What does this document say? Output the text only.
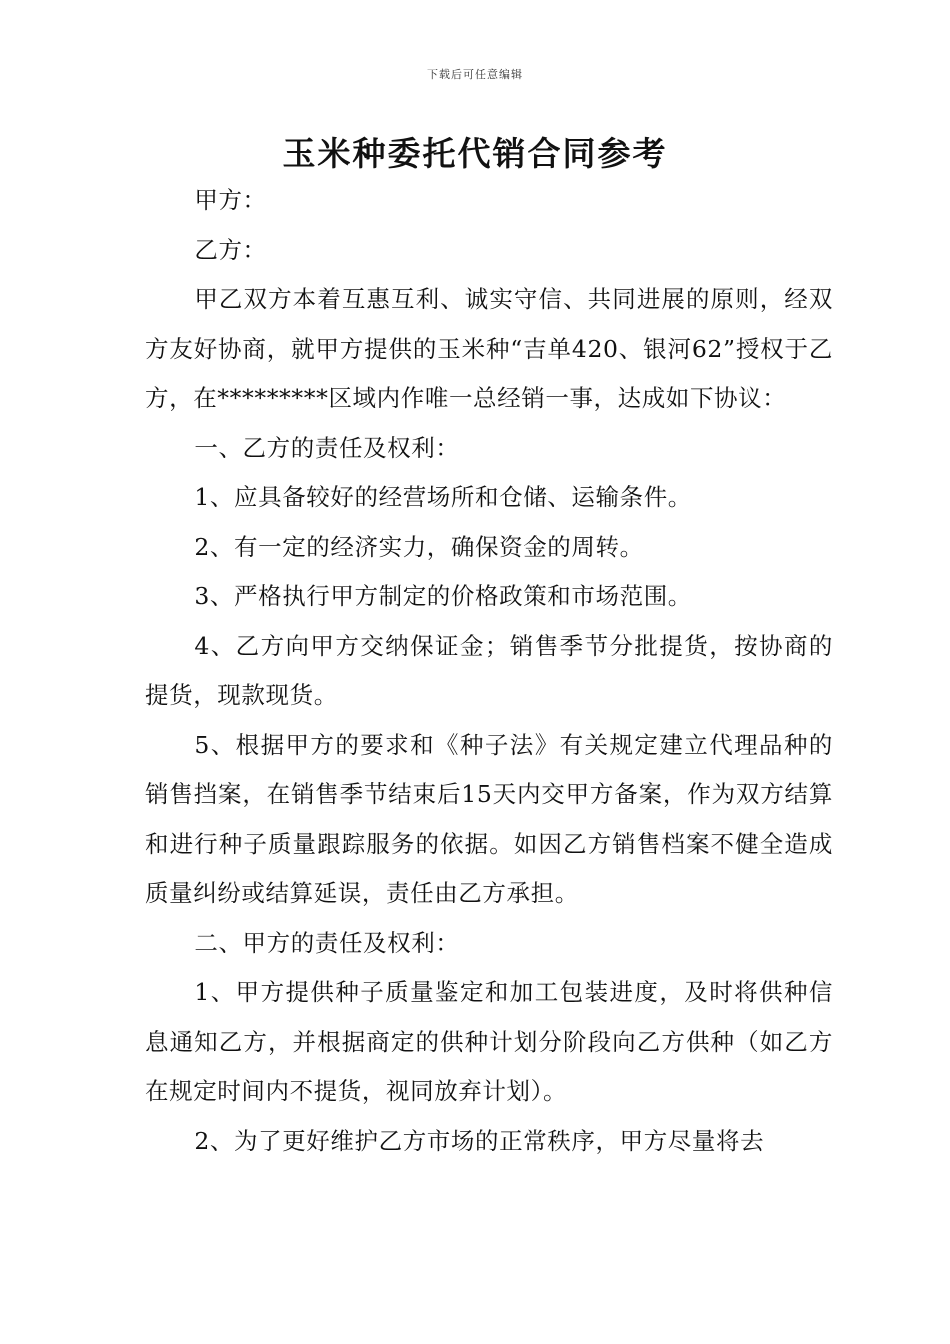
下载后可任意编辑
玉米种委托代销合同参考

甲方：

乙方：

甲乙双方本着互惠互利、诚实守信、共同进展的原则，经双方友好协商，就甲方提供的玉米种“吉单420、银河62”授权于乙方，在*********区域内作唯一总经销一事，达成如下协议：

一、乙方的责任及权利：

1、应具备较好的经营场所和仓储、运输条件。

2、有一定的经济实力，确保资金的周转。

3、严格执行甲方制定的价格政策和市场范围。

4、乙方向甲方交纳保证金；销售季节分批提货，按协商的提货，现款现货。

5、根据甲方的要求和《种子法》有关规定建立代理品种的销售挡案，在销售季节结束后15天内交甲方备案，作为双方结算和进行种子质量跟踪服务的依据。如因乙方销售档案不健全造成质量纠纷或结算延误，责任由乙方承担。

二、甲方的责任及权利：

1、甲方提供种子质量鉴定和加工包装进度，及时将供种信息通知乙方，并根据商定的供种计划分阶段向乙方供种（如乙方在规定时间内不提货，视同放弃计划）。

2、为了更好维护乙方市场的正常秩序，甲方尽量将去
